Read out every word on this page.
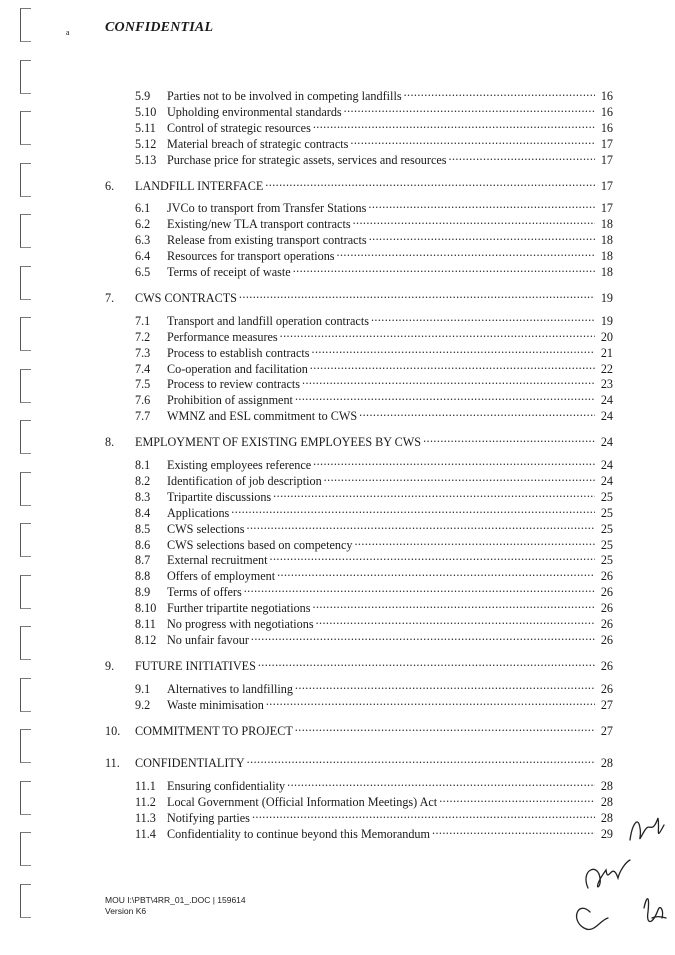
a	CONFIDENTIAL
5.9	Parties not to be involved in competing landfills .....	16
5.10 Upholding environmental standards .....	16
5.11 Control of strategic resources .....	16
5.12 Material breach of strategic contracts .....	17
5.13 Purchase price for strategic assets, services and resources .....	17
6.	LANDFILL INTERFACE .....	17
6.1	JVCo to transport from Transfer Stations .....	17
6.2	Existing/new TLA transport contracts .....	18
6.3	Release from existing transport contracts .....	18
6.4	Resources for transport operations .....	18
6.5	Terms of receipt of waste .....	18
7.	CWS CONTRACTS .....	19
7.1	Transport and landfill operation contracts .....	19
7.2	Performance measures .....	20
7.3	Process to establish contracts .....	21
7.4	Co-operation and facilitation .....	22
7.5	Process to review contracts .....	23
7.6	Prohibition of assignment .....	24
7.7	WMNZ and ESL commitment to CWS .....	24
8.	EMPLOYMENT OF EXISTING EMPLOYEES BY CWS .....	24
8.1	Existing employees reference .....	24
8.2	Identification of job description .....	24
8.3	Tripartite discussions .....	25
8.4	Applications .....	25
8.5	CWS selections .....	25
8.6	CWS selections based on competency .....	25
8.7	External recruitment .....	25
8.8	Offers of employment .....	26
8.9	Terms of offers .....	26
8.10 Further tripartite negotiations .....	26
8.11 No progress with negotiations .....	26
8.12 No unfair favour .....	26
9.	FUTURE INITIATIVES .....	26
9.1	Alternatives to landfilling .....	26
9.2	Waste minimisation .....	27
10.	COMMITMENT TO PROJECT .....	27
11.	CONFIDENTIALITY .....	28
11.1 Ensuring confidentiality .....	28
11.2 Local Government (Official Information Meetings) Act .....	28
11.3 Notifying parties .....	28
11.4 Confidentiality to continue beyond this Memorandum .....	29
MOU I:\PBT\4RR_01_.DOC | 159614
Version K6
